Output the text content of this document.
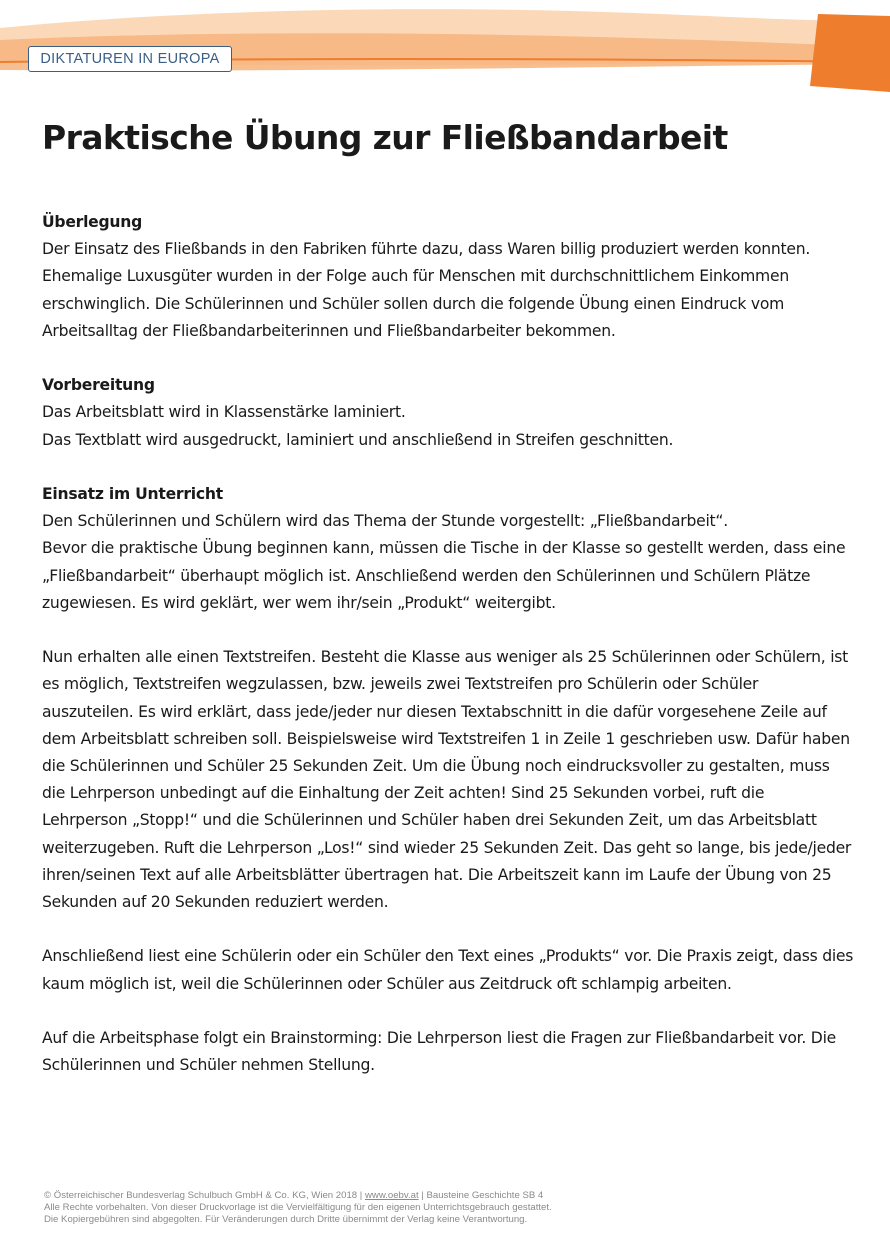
DIKTATUREN IN EUROPA
Praktische Übung zur Fließbandarbeit
Überlegung

Der Einsatz des Fließbands in den Fabriken führte dazu, dass Waren billig produziert werden konnten. Ehemalige Luxusgüter wurden in der Folge auch für Menschen mit durchschnittlichem Einkommen erschwinglich. Die Schülerinnen und Schüler sollen durch die folgende Übung einen Eindruck vom Arbeitsalltag der Fließbandarbeiterinnen und Fließbandarbeiter bekommen.

Vorbereitung

Das Arbeitsblatt wird in Klassenstärke laminiert.

Das Textblatt wird ausgedruckt, laminiert und anschließend in Streifen geschnitten.

Einsatz im Unterricht

Den Schülerinnen und Schülern wird das Thema der Stunde vorgestellt: „Fließbandarbeit“.

Bevor die praktische Übung beginnen kann, müssen die Tische in der Klasse so gestellt werden, dass eine „Fließbandarbeit“ überhaupt möglich ist. Anschließend werden den Schülerinnen und Schülern Plätze zugewiesen. Es wird geklärt, wer wem ihr/sein „Produkt“ weitergibt.

Nun erhalten alle einen Textstreifen. Besteht die Klasse aus weniger als 25 Schülerinnen oder Schülern, ist es möglich, Textstreifen wegzulassen, bzw. jeweils zwei Textstreifen pro Schülerin oder Schüler auszuteilen. Es wird erklärt, dass jede/jeder nur diesen Textabschnitt in die dafür vorgesehene Zeile auf dem Arbeitsblatt schreiben soll. Beispielsweise wird Textstreifen 1 in Zeile 1 geschrieben usw. Dafür haben die Schülerinnen und Schüler 25 Sekunden Zeit. Um die Übung noch eindrucksvoller zu gestalten, muss die Lehrperson unbedingt auf die Einhaltung der Zeit achten! Sind 25 Sekunden vorbei, ruft die Lehrperson „Stopp!“ und die Schülerinnen und Schüler haben drei Sekunden Zeit, um das Arbeitsblatt weiterzugeben. Ruft die Lehrperson „Los!“ sind wieder 25 Sekunden Zeit. Das geht so lange, bis jede/jeder ihren/seinen Text auf alle Arbeitsblätter übertragen hat. Die Arbeitszeit kann im Laufe der Übung von 25 Sekunden auf 20 Sekunden reduziert werden.

Anschließend liest eine Schülerin oder ein Schüler den Text eines „Produkts“ vor. Die Praxis zeigt, dass dies kaum möglich ist, weil die Schülerinnen oder Schüler aus Zeitdruck oft schlampig arbeiten.

Auf die Arbeitsphase folgt ein Brainstorming: Die Lehrperson liest die Fragen zur Fließbandarbeit vor. Die Schülerinnen und Schüler nehmen Stellung.

© Österreichischer Bundesverlag Schulbuch GmbH & Co. KG, Wien 2018 | www.oebv.at | Bausteine Geschichte SB 4
Alle Rechte vorbehalten. Von dieser Druckvorlage ist die Vervielfältigung für den eigenen Unterrichtsgebrauch gestattet.
Die Kopiergebühren sind abgegolten. Für Veränderungen durch Dritte übernimmt der Verlag keine Verantwortung.
